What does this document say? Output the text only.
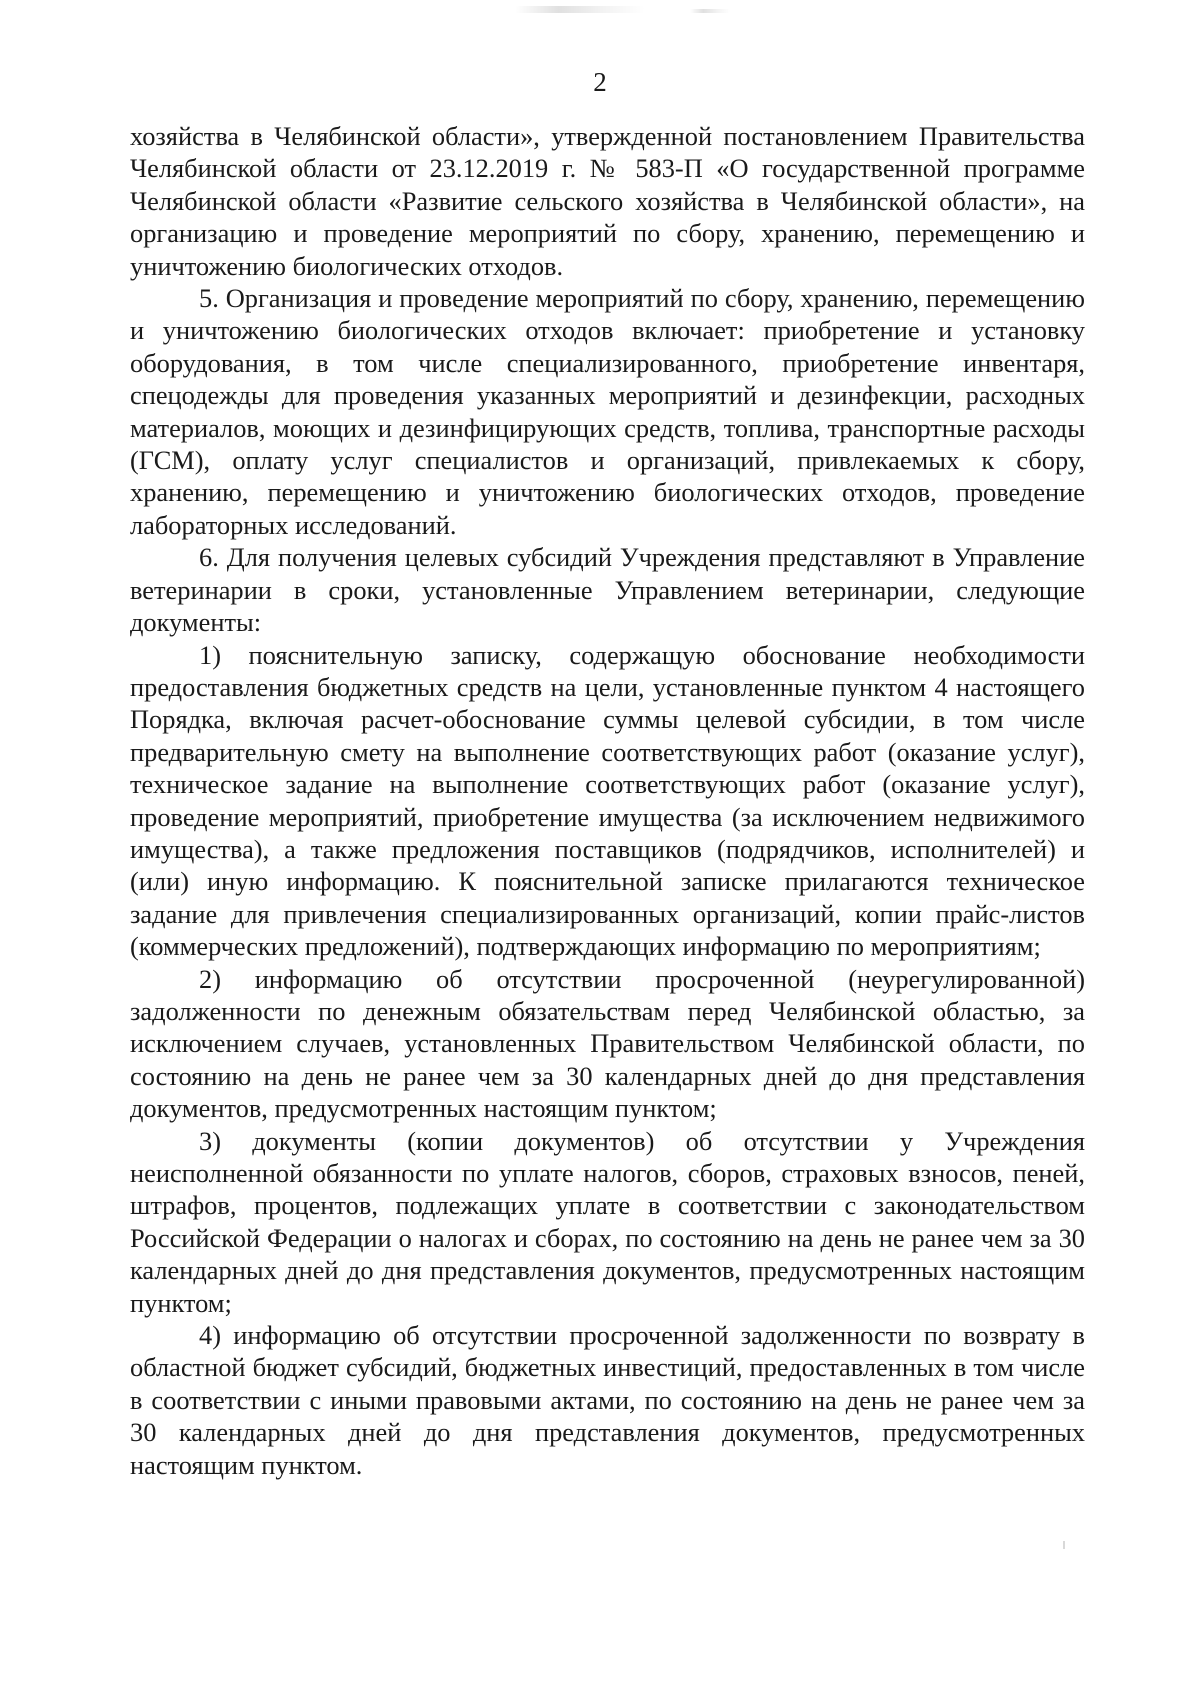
2

хозяйства в Челябинской области», утвержденной постановлением Правительства Челябинской области от 23.12.2019 г. № 583-П «О государственной программе Челябинской области «Развитие сельского хозяйства в Челябинской области», на организацию и проведение мероприятий по сбору, хранению, перемещению и уничтожению биологических отходов.

5. Организация и проведение мероприятий по сбору, хранению, перемещению и уничтожению биологических отходов включает: приобретение и установку оборудования, в том числе специализированного, приобретение инвентаря, спецодежды для проведения указанных мероприятий и дезинфекции, расходных материалов, моющих и дезинфицирующих средств, топлива, транспортные расходы (ГСМ), оплату услуг специалистов и организаций, привлекаемых к сбору, хранению, перемещению и уничтожению биологических отходов, проведение лабораторных исследований.

6. Для получения целевых субсидий Учреждения представляют в Управление ветеринарии в сроки, установленные Управлением ветеринарии, следующие документы:

1) пояснительную записку, содержащую обоснование необходимости предоставления бюджетных средств на цели, установленные пунктом 4 настоящего Порядка, включая расчет-обоснование суммы целевой субсидии, в том числе предварительную смету на выполнение соответствующих работ (оказание услуг), техническое задание на выполнение соответствующих работ (оказание услуг), проведение мероприятий, приобретение имущества (за исключением недвижимого имущества), а также предложения поставщиков (подрядчиков, исполнителей) и (или) иную информацию. К пояснительной записке прилагаются техническое задание для привлечения специализированных организаций, копии прайс-листов (коммерческих предложений), подтверждающих информацию по мероприятиям;

2) информацию об отсутствии просроченной (неурегулированной) задолженности по денежным обязательствам перед Челябинской областью, за исключением случаев, установленных Правительством Челябинской области, по состоянию на день не ранее чем за 30 календарных дней до дня представления документов, предусмотренных настоящим пунктом;

3) документы (копии документов) об отсутствии у Учреждения неисполненной обязанности по уплате налогов, сборов, страховых взносов, пеней, штрафов, процентов, подлежащих уплате в соответствии с законодательством Российской Федерации о налогах и сборах, по состоянию на день не ранее чем за 30 календарных дней до дня представления документов, предусмотренных настоящим пунктом;

4) информацию об отсутствии просроченной задолженности по возврату в областной бюджет субсидий, бюджетных инвестиций, предоставленных в том числе в соответствии с иными правовыми актами, по состоянию на день не ранее чем за 30 календарных дней до дня представления документов, предусмотренных настоящим пунктом.
